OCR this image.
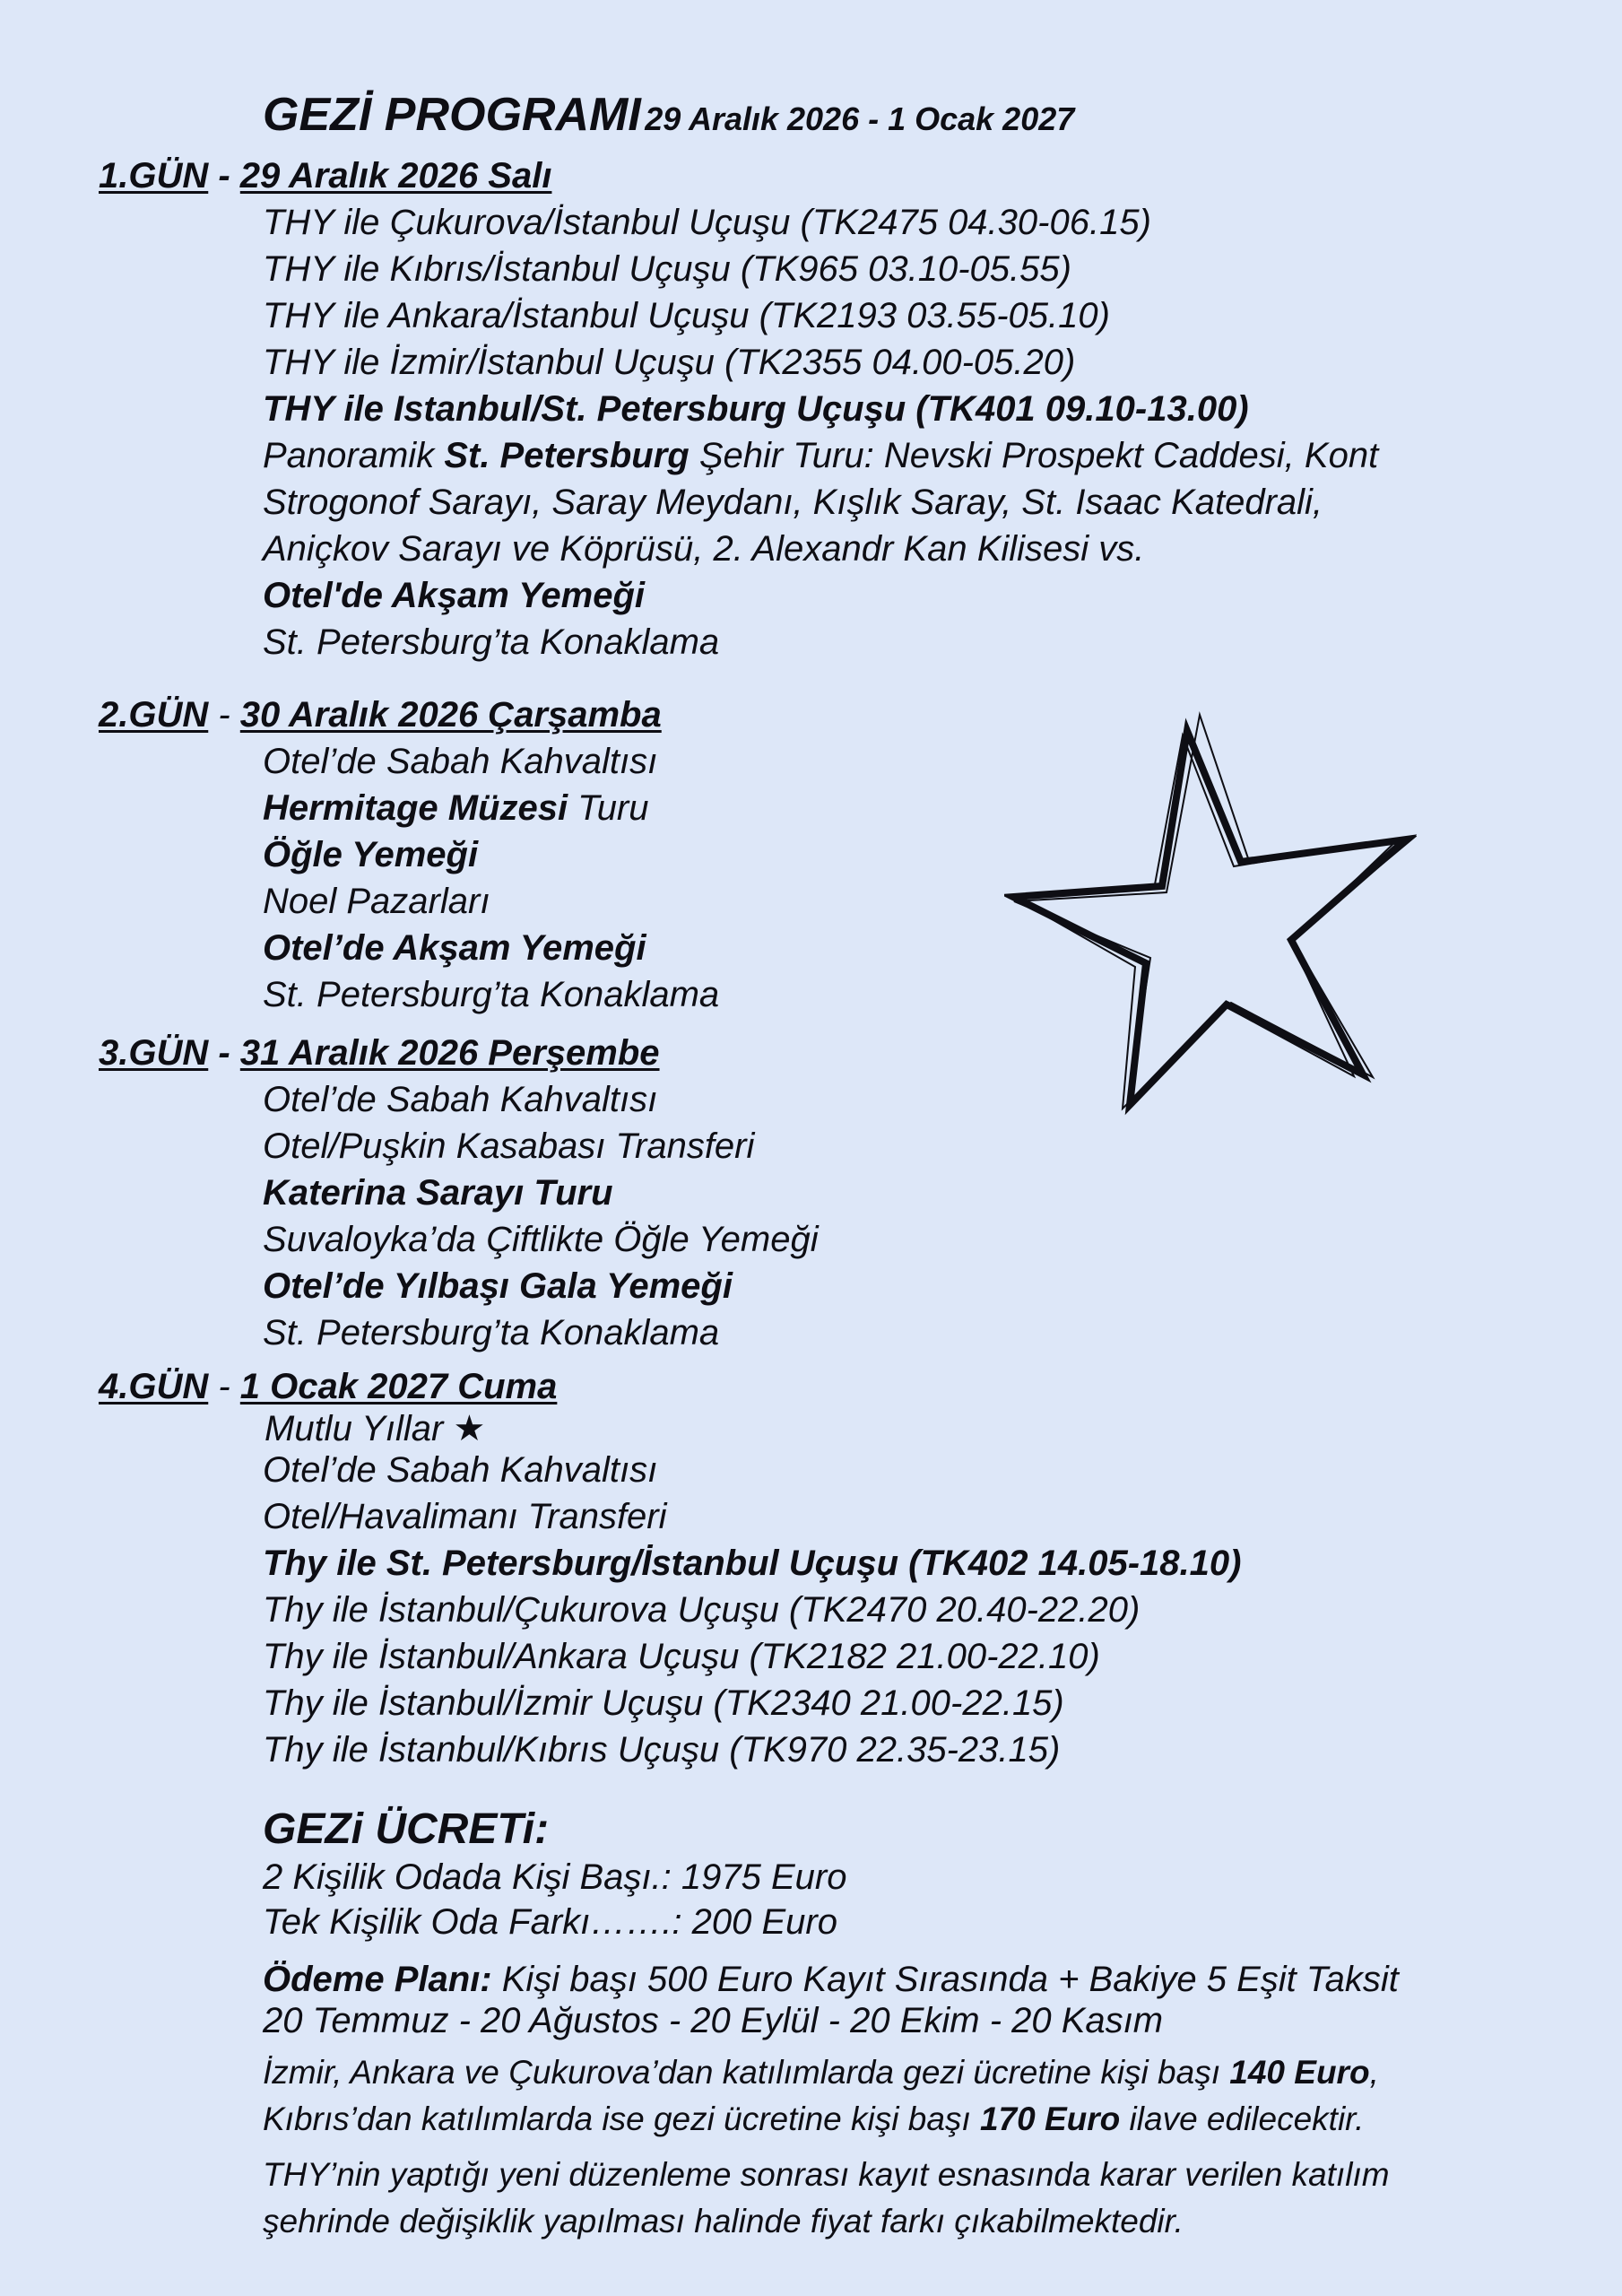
GEZİ PROGRAMI 29 Aralık 2026 - 1 Ocak 2027
1.GÜN - 29 Aralık 2026 Salı
THY ile Çukurova/İstanbul Uçuşu (TK2475 04.30-06.15)
THY ile Kıbrıs/İstanbul Uçuşu (TK965 03.10-05.55)
THY ile Ankara/İstanbul Uçuşu (TK2193 03.55-05.10)
THY ile İzmir/İstanbul Uçuşu (TK2355 04.00-05.20)
THY ile Istanbul/St. Petersburg Uçuşu (TK401 09.10-13.00)
Panoramik St. Petersburg Şehir Turu: Nevski Prospekt Caddesi, Kont
Strogonof Sarayı, Saray Meydanı, Kışlık Saray, St. Isaac Katedrali,
Aniçkov Sarayı ve Köprüsü, 2. Alexandr Kan Kilisesi vs.
Otel'de Akşam Yemeği
St. Petersburg’ta Konaklama
2.GÜN - 30 Aralık 2026 Çarşamba
Otel’de Sabah Kahvaltısı
Hermitage Müzesi Turu
Öğle Yemeği
Noel Pazarları
Otel’de Akşam Yemeği
St. Petersburg’ta Konaklama
3.GÜN - 31 Aralık 2026 Perşembe
Otel’de Sabah Kahvaltısı
Otel/Puşkin Kasabası Transferi
Katerina Sarayı Turu
Suvaloyka’da Çiftlikte Öğle Yemeği
Otel’de Yılbaşı Gala Yemeği
St. Petersburg’ta Konaklama
4.GÜN - 1 Ocak 2027 Cuma
Mutlu Yıllar ★
Otel’de Sabah Kahvaltısı
Otel/Havalimanı Transferi
Thy ile St. Petersburg/İstanbul Uçuşu (TK402 14.05-18.10)
Thy ile İstanbul/Çukurova Uçuşu (TK2470 20.40-22.20)
Thy ile İstanbul/Ankara Uçuşu (TK2182 21.00-22.10)
Thy ile İstanbul/İzmir Uçuşu (TK2340 21.00-22.15)
Thy ile İstanbul/Kıbrıs Uçuşu (TK970 22.35-23.15)
GEZi ÜCRETi:
2 Kişilik Odada Kişi Başı.: 1975 Euro
Tek Kişilik Oda Farkı…….: 200 Euro
Ödeme Planı: Kişi başı 500 Euro Kayıt Sırasında + Bakiye 5 Eşit Taksit
20 Temmuz - 20 Ağustos - 20 Eylül - 20 Ekim - 20 Kasım
İzmir, Ankara ve Çukurova’dan katılımlarda gezi ücretine kişi başı 140 Euro,
Kıbrıs’dan katılımlarda ise gezi ücretine kişi başı 170 Euro ilave edilecektir.
THY’nin yaptığı yeni düzenleme sonrası kayıt esnasında karar verilen katılım
şehrinde değişiklik yapılması halinde fiyat farkı çıkabilmektedir.
